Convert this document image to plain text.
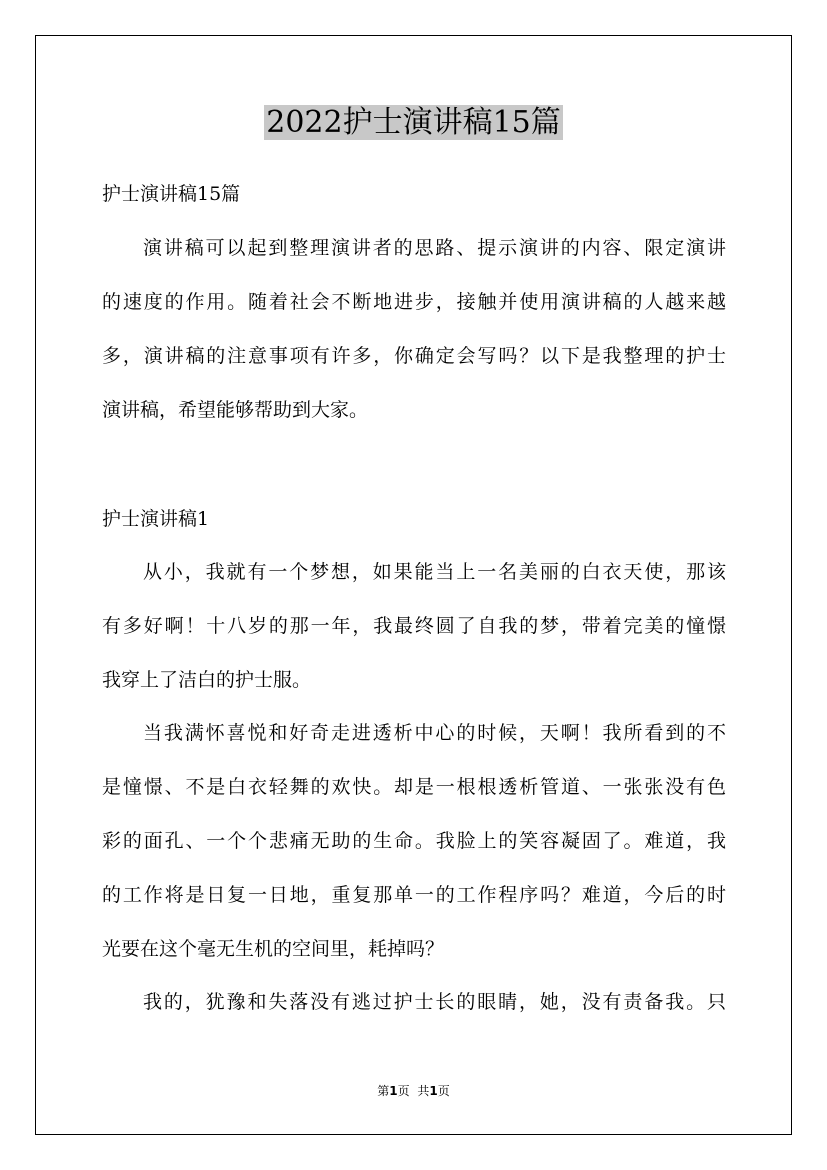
2022护士演讲稿15篇
护士演讲稿15篇
演讲稿可以起到整理演讲者的思路、提示演讲的内容、限定演讲
的速度的作用。随着社会不断地进步，接触并使用演讲稿的人越来越
多，演讲稿的注意事项有许多，你确定会写吗？以下是我整理的护士
演讲稿，希望能够帮助到大家。
护士演讲稿1
从小，我就有一个梦想，如果能当上一名美丽的白衣天使，那该
有多好啊！十八岁的那一年，我最终圆了自我的梦，带着完美的憧憬
我穿上了洁白的护士服。
当我满怀喜悦和好奇走进透析中心的时候，天啊！我所看到的不
是憧憬、不是白衣轻舞的欢快。却是一根根透析管道、一张张没有色
彩的面孔、一个个悲痛无助的生命。我脸上的笑容凝固了。难道，我
的工作将是日复一日地，重复那单一的工作程序吗？难道，今后的时
光要在这个毫无生机的空间里，耗掉吗？
我的，犹豫和失落没有逃过护士长的眼睛，她，没有责备我。只
第1页 共1页
